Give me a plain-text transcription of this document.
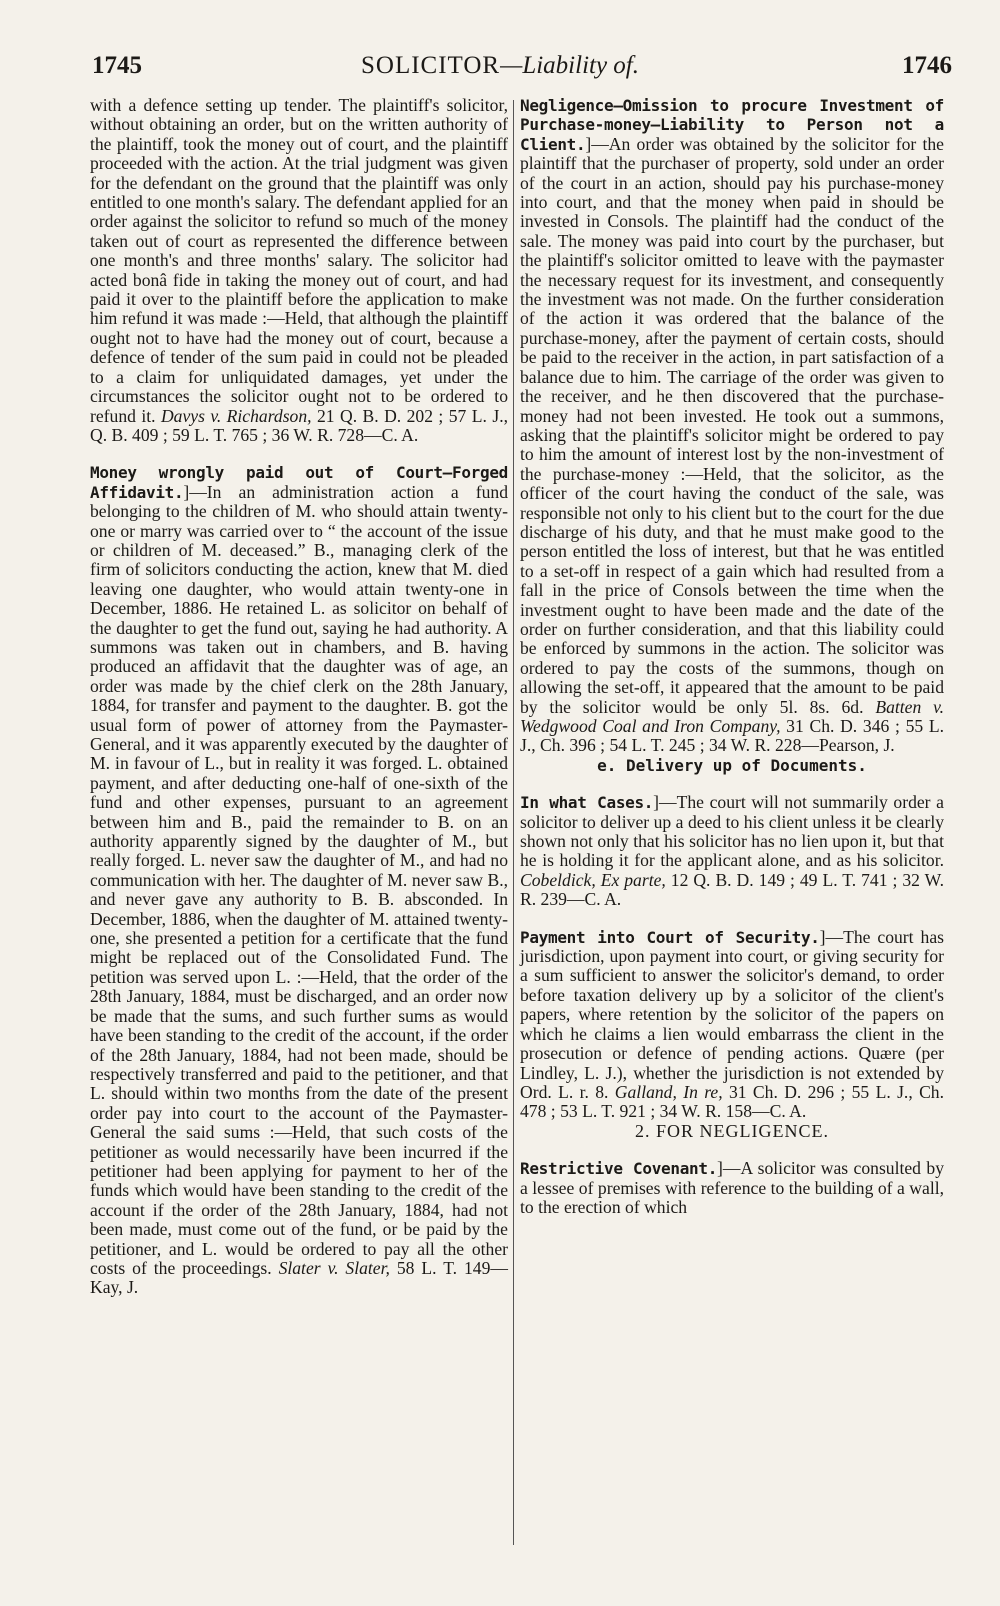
1745	SOLICITOR—Liability of.	1746

with a defence setting up tender. The plaintiff's solicitor, without obtaining an order, but on the written authority of the plaintiff, took the money out of court, and the plaintiff proceeded with the action. At the trial judgment was given for the defendant on the ground that the plaintiff was only entitled to one month's salary. The defendant applied for an order against the solicitor to refund so much of the money taken out of court as represented the difference between one month's and three months' salary. The solicitor had acted bonâ fide in taking the money out of court, and had paid it over to the plaintiff before the application to make him refund it was made :—Held, that although the plaintiff ought not to have had the money out of court, because a defence of tender of the sum paid in could not be pleaded to a claim for unliquidated damages, yet under the circumstances the solicitor ought not to be ordered to refund it. Davys v. Richardson, 21 Q. B. D. 202 ; 57 L. J., Q. B. 409 ; 59 L. T. 765 ; 36 W. R. 728—C. A.

Money wrongly paid out of Court—Forged Affidavit.]—In an administration action a fund belonging to the children of M. who should attain twenty-one or marry was carried over to “ the account of the issue or children of M. deceased.” B., managing clerk of the firm of solicitors conducting the action, knew that M. died leaving one daughter, who would attain twenty-one in December, 1886. He retained L. as solicitor on behalf of the daughter to get the fund out, saying he had authority. A summons was taken out in chambers, and B. having produced an affidavit that the daughter was of age, an order was made by the chief clerk on the 28th January, 1884, for transfer and payment to the daughter. B. got the usual form of power of attorney from the Paymaster-General, and it was apparently executed by the daughter of M. in favour of L., but in reality it was forged. L. obtained payment, and after deducting one-half of one-sixth of the fund and other expenses, pursuant to an agreement between him and B., paid the remainder to B. on an authority apparently signed by the daughter of M., but really forged. L. never saw the daughter of M., and had no communication with her. The daughter of M. never saw B., and never gave any authority to B. B. absconded. In December, 1886, when the daughter of M. attained twenty-one, she presented a petition for a certificate that the fund might be replaced out of the Consolidated Fund. The petition was served upon L. :—Held, that the order of the 28th January, 1884, must be discharged, and an order now be made that the sums, and such further sums as would have been standing to the credit of the account, if the order of the 28th January, 1884, had not been made, should be respectively transferred and paid to the petitioner, and that L. should within two months from the date of the present order pay into court to the account of the Paymaster-General the said sums :—Held, that such costs of the petitioner as would necessarily have been incurred if the petitioner had been applying for payment to her of the funds which would have been standing to the credit of the account if the order of the 28th January, 1884, had not been made, must come out of the fund, or be paid by the petitioner, and L. would be ordered to pay all the other costs of the proceedings. Slater v. Slater, 58 L. T. 149—Kay, J.

Negligence—Omission to procure Investment of Purchase-money—Liability to Person not a Client.]—An order was obtained by the solicitor for the plaintiff that the purchaser of property, sold under an order of the court in an action, should pay his purchase-money into court, and that the money when paid in should be invested in Consols. The plaintiff had the conduct of the sale. The money was paid into court by the purchaser, but the plaintiff's solicitor omitted to leave with the paymaster the necessary request for its investment, and consequently the investment was not made. On the further consideration of the action it was ordered that the balance of the purchase-money, after the payment of certain costs, should be paid to the receiver in the action, in part satisfaction of a balance due to him. The carriage of the order was given to the receiver, and he then discovered that the purchase-money had not been invested. He took out a summons, asking that the plaintiff's solicitor might be ordered to pay to him the amount of interest lost by the non-investment of the purchase-money :—Held, that the solicitor, as the officer of the court having the conduct of the sale, was responsible not only to his client but to the court for the due discharge of his duty, and that he must make good to the person entitled the loss of interest, but that he was entitled to a set-off in respect of a gain which had resulted from a fall in the price of Consols between the time when the investment ought to have been made and the date of the order on further consideration, and that this liability could be enforced by summons in the action. The solicitor was ordered to pay the costs of the summons, though on allowing the set-off, it appeared that the amount to be paid by the solicitor would be only 5l. 8s. 6d. Batten v. Wedgwood Coal and Iron Company, 31 Ch. D. 346 ; 55 L. J., Ch. 396 ; 54 L. T. 245 ; 34 W. R. 228—Pearson, J.

e. Delivery up of Documents.

In what Cases.]—The court will not summarily order a solicitor to deliver up a deed to his client unless it be clearly shown not only that his solicitor has no lien upon it, but that he is holding it for the applicant alone, and as his solicitor. Cobeldick, Ex parte, 12 Q. B. D. 149 ; 49 L. T. 741 ; 32 W. R. 239—C. A.

Payment into Court of Security.]—The court has jurisdiction, upon payment into court, or giving security for a sum sufficient to answer the solicitor's demand, to order before taxation delivery up by a solicitor of the client's papers, where retention by the solicitor of the papers on which he claims a lien would embarrass the client in the prosecution or defence of pending actions. Quære (per Lindley, L. J.), whether the jurisdiction is not extended by Ord. L. r. 8. Galland, In re, 31 Ch. D. 296 ; 55 L. J., Ch. 478 ; 53 L. T. 921 ; 34 W. R. 158—C. A.

2. FOR NEGLIGENCE.

Restrictive Covenant.]—A solicitor was consulted by a lessee of premises with reference to the building of a wall, to the erection of which
